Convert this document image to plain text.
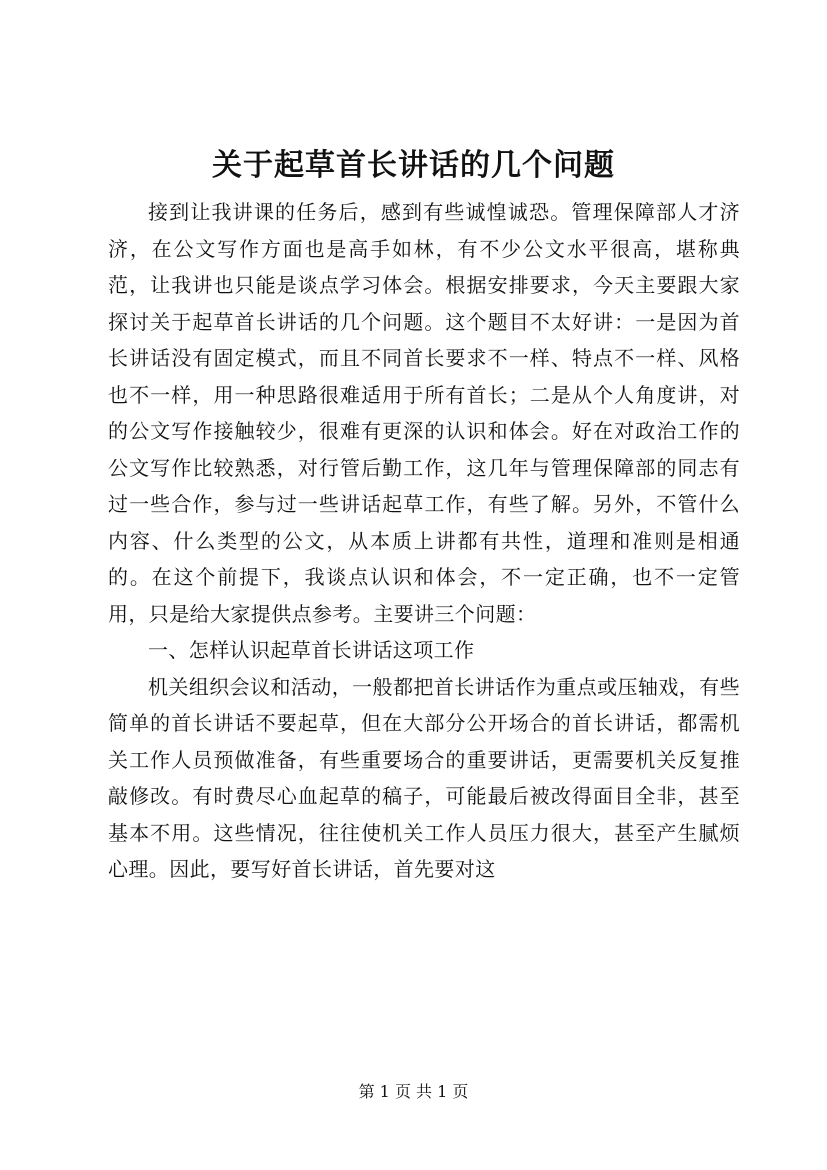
关于起草首长讲话的几个问题

接到让我讲课的任务后，感到有些诚惶诚恐。管理保障部人才济济，在公文写作方面也是高手如林，有不少公文水平很高，堪称典范，让我讲也只能是谈点学习体会。根据安排要求，今天主要跟大家探讨关于起草首长讲话的几个问题。这个题目不太好讲：一是因为首长讲话没有固定模式，而且不同首长要求不一样、特点不一样、风格也不一样，用一种思路很难适用于所有首长；二是从个人角度讲，对的公文写作接触较少，很难有更深的认识和体会。好在对政治工作的公文写作比较熟悉，对行管后勤工作，这几年与管理保障部的同志有过一些合作，参与过一些讲话起草工作，有些了解。另外，不管什么内容、什么类型的公文，从本质上讲都有共性，道理和准则是相通的。在这个前提下，我谈点认识和体会，不一定正确，也不一定管用，只是给大家提供点参考。主要讲三个问题：

一、怎样认识起草首长讲话这项工作

机关组织会议和活动，一般都把首长讲话作为重点或压轴戏，有些简单的首长讲话不要起草，但在大部分公开场合的首长讲话，都需机关工作人员预做准备，有些重要场合的重要讲话，更需要机关反复推敲修改。有时费尽心血起草的稿子，可能最后被改得面目全非，甚至基本不用。这些情况，往往使机关工作人员压力很大，甚至产生腻烦心理。因此，要写好首长讲话，首先要对这

第 1 页 共 1 页
